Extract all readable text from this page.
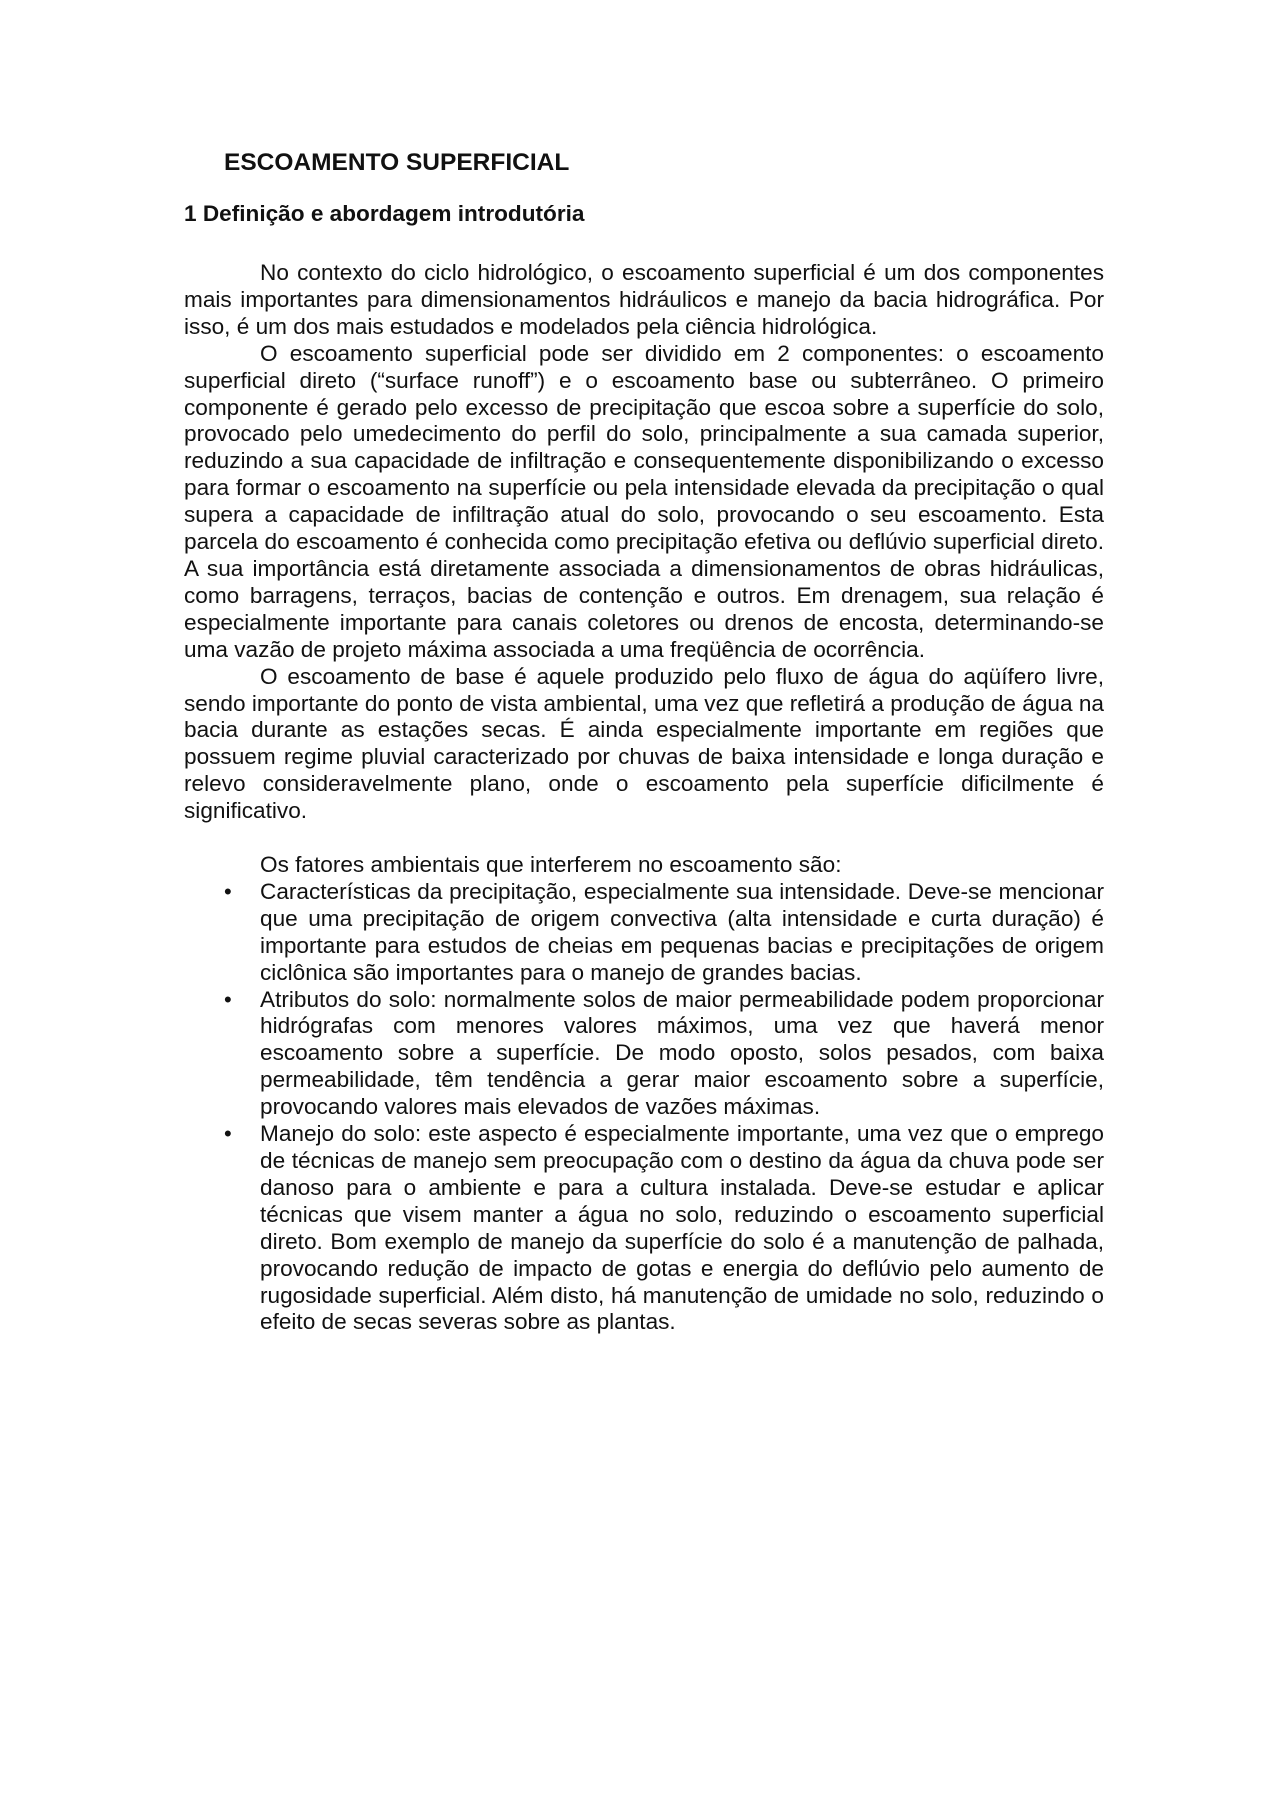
ESCOAMENTO SUPERFICIAL
1 Definição e abordagem introdutória

No contexto do ciclo hidrológico, o escoamento superficial é um dos componentes mais importantes para dimensionamentos hidráulicos e manejo da bacia hidrográfica. Por isso, é um dos mais estudados e modelados pela ciência hidrológica.

O escoamento superficial pode ser dividido em 2 componentes: o escoamento superficial direto (“surface runoff”) e o escoamento base ou subterrâneo. O primeiro componente é gerado pelo excesso de precipitação que escoa sobre a superfície do solo, provocado pelo umedecimento do perfil do solo, principalmente a sua camada superior, reduzindo a sua capacidade de infiltração e consequentemente disponibilizando o excesso para formar o escoamento na superfície ou pela intensidade elevada da precipitação o qual supera a capacidade de infiltração atual do solo, provocando o seu escoamento. Esta parcela do escoamento é conhecida como precipitação efetiva ou deflúvio superficial direto. A sua importância está diretamente associada a dimensionamentos de obras hidráulicas, como barragens, terraços, bacias de contenção e outros. Em drenagem, sua relação é especialmente importante para canais coletores ou drenos de encosta, determinando-se uma vazão de projeto máxima associada a uma freqüência de ocorrência.

O escoamento de base é aquele produzido pelo fluxo de água do aqüífero livre, sendo importante do ponto de vista ambiental, uma vez que refletirá a produção de água na bacia durante as estações secas. É ainda especialmente importante em regiões que possuem regime pluvial caracterizado por chuvas de baixa intensidade e longa duração e relevo consideravelmente plano, onde o escoamento pela superfície dificilmente é significativo.

Os fatores ambientais que interferem no escoamento são:

• Características da precipitação, especialmente sua intensidade. Deve-se mencionar que uma precipitação de origem convectiva (alta intensidade e curta duração) é importante para estudos de cheias em pequenas bacias e precipitações de origem ciclônica são importantes para o manejo de grandes bacias.
• Atributos do solo: normalmente solos de maior permeabilidade podem proporcionar hidrógrafas com menores valores máximos, uma vez que haverá menor escoamento sobre a superfície. De modo oposto, solos pesados, com baixa permeabilidade, têm tendência a gerar maior escoamento sobre a superfície, provocando valores mais elevados de vazões máximas.
• Manejo do solo: este aspecto é especialmente importante, uma vez que o emprego de técnicas de manejo sem preocupação com o destino da água da chuva pode ser danoso para o ambiente e para a cultura instalada. Deve-se estudar e aplicar técnicas que visem manter a água no solo, reduzindo o escoamento superficial direto. Bom exemplo de manejo da superfície do solo é a manutenção de palhada, provocando redução de impacto de gotas e energia do deflúvio pelo aumento de rugosidade superficial. Além disto, há manutenção de umidade no solo, reduzindo o efeito de secas severas sobre as plantas.
